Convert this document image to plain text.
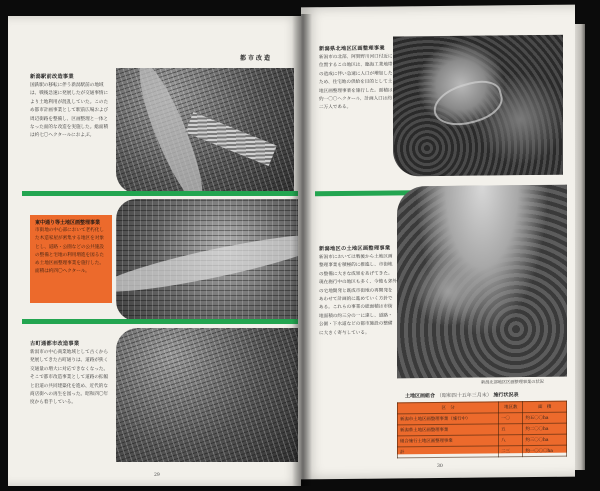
都市改造
新潟駅前改造事業
国鉄駅の移転に伴う新潟駅前の地域は、戦後急速に発展したが交通事情により土地利用が混乱していた。このため都市計画事業として駅前広場および周辺街路を整備し、区画整理と一体となった面的な改造を実施した。総面積は約七〇ヘクタールにおよぶ。
東中通り等土地区画整理事業

市街地の中心部において老朽化した木造家屋が密集する地区を対象とし、道路・公園などの公共施設の整備と宅地の利用増進を図るため土地区画整理事業を施行した。面積は約四〇ヘクタール。

古町通都市改造事業
新潟市の中心商業地域として古くから発展してきた古町通りは、道路が狭く交通量の増大に対応できなくなった。そこで都市改造事業として道路の拡幅と沿道の共同建築化を進め、近代的な商店街への再生を図った。昭和四〇年度から着手している。
29
新潟県北地区区画整理事業
新潟市の北部、阿賀野川河口付近に位置するこの地区は、臨海工業地帯の造成に伴い急速に人口が増加したため、住宅地の供給を目的として土地区画整理事業を施行した。面積は約一〇〇ヘクタール、計画人口は約二万人である。
新潟地区の土地区画整理事業
新潟市においては戦後から土地区画整理事業を積極的に推進し、市街地の整備に大きな成果をあげてきた。現在施行中の地区も多く、今後も郊外の宅地開発と既成市街地の再開発をあわせて計画的に進めていく方針である。これらの事業の総面積は市街地面積の約三分の一に達し、道路・公園・下水道などの都市施設の整備に大きく寄与している。
新潟北部地区区画整理事業の状況
土地区画組合 （昭和四十五年三月末） 施行状況表
区　分	地区数	面　積
新潟市土地区画整理事業（施行中）	一〇	約五〇〇ha
新潟県土地区画整理事業	五	約二〇〇ha
組合施行土地区画整理事業	八	約三〇〇ha
計	二三	約一〇〇〇ha
30
